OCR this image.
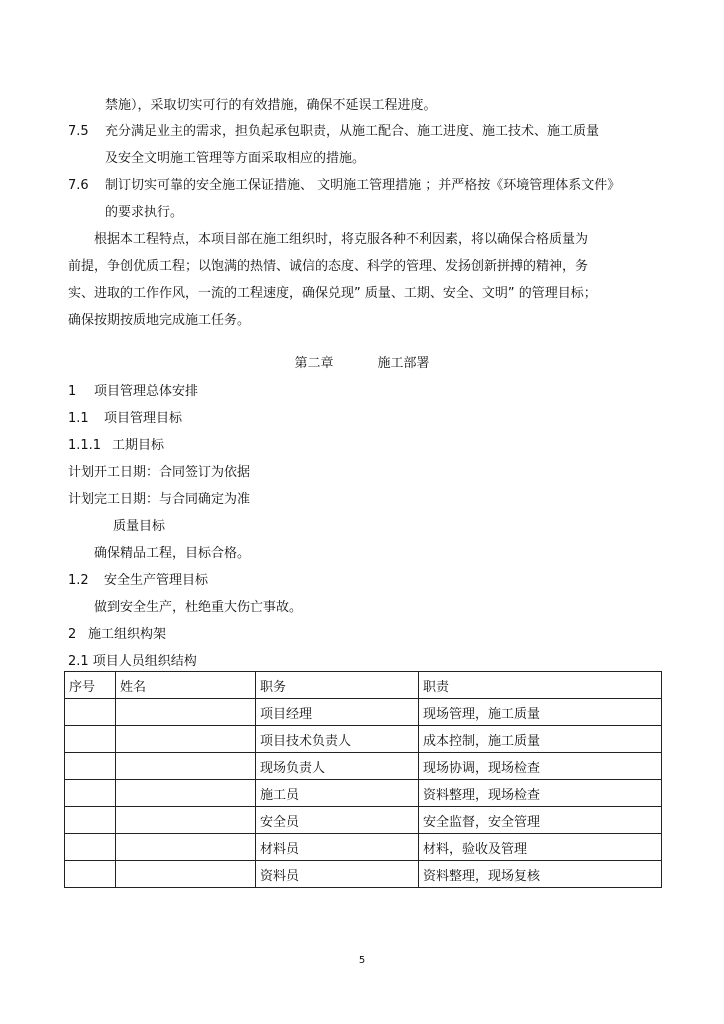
禁施），采取切实可行的有效措施，确保不延误工程进度。
7.5 充分满足业主的需求，担负起承包职责，从施工配合、施工进度、施工技术、施工质量
及安全文明施工管理等方面采取相应的措施。
7.6 制订切实可靠的安全施工保证措施、 文明施工管理措施 ；并严格按《环境管理体系文件》
的要求执行。
根据本工程特点，本项目部在施工组织时，将克服各种不利因素，将以确保合格质量为
前提，争创优质工程；以饱满的热情、诚信的态度、科学的管理、发扬创新拼搏的精神，务
实、进取的工作作风，一流的工程速度，确保兑现” 质量、工期、安全、文明” 的管理目标；
确保按期按质地完成施工任务。
第二章	施工部署
1 项目管理总体安排
1.1 项目管理目标
1.1.1 工期目标
计划开工日期：合同签订为依据
计划完工日期：与合同确定为准
质量目标
确保精品工程，目标合格。
1.2 安全生产管理目标
做到安全生产，杜绝重大伤亡事故。
2 施工组织构架
2.1 项目人员组织结构
序号	姓名	职务	职责
		项目经理	现场管理，施工质量
		项目技术负责人	成本控制，施工质量
		现场负责人	现场协调，现场检查
		施工员	资料整理，现场检查
		安全员	安全监督，安全管理
		材料员	材料，验收及管理
		资料员	资料整理，现场复核
5
